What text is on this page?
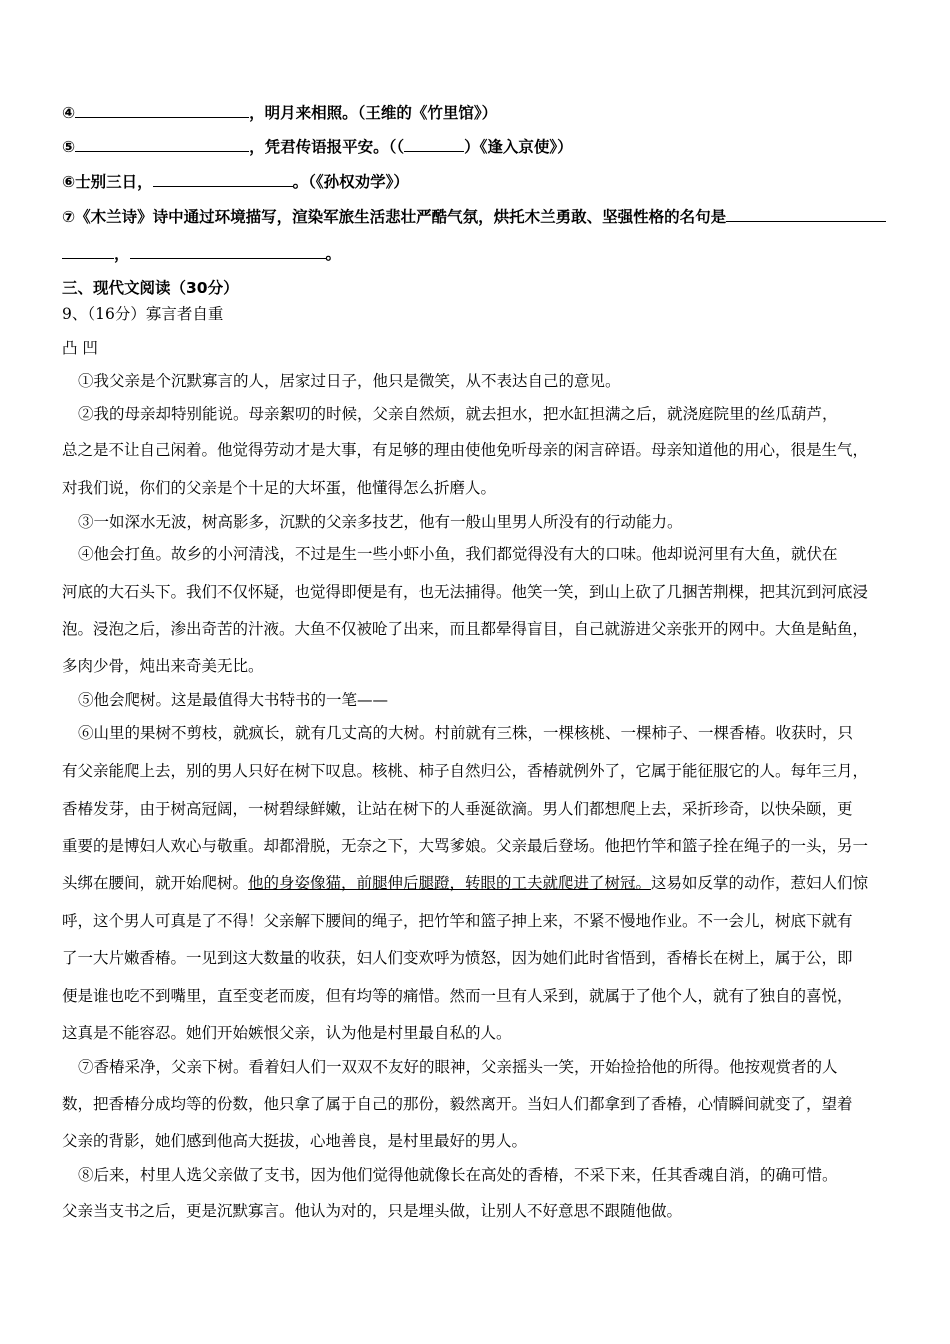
④	，明月来相照。（王维的《竹里馆》）
⑤	，凭君传语报平安。（（	）《逢入京使》）
⑥士别三日，	。（《孙权劝学》）
⑦《木兰诗》诗中通过环境描写，渲染军旅生活悲壮严酷气氛，烘托木兰勇敢、坚强性格的名句是
，	。
三、现代文阅读（30分）
9、（16分）寡言者自重
凸 凹
①我父亲是个沉默寡言的人，居家过日子，他只是微笑，从不表达自己的意见。
②我的母亲却特别能说。母亲絮叨的时候，父亲自然烦，就去担水，把水缸担满之后，就浇庭院里的丝瓜葫芦，
总之是不让自己闲着。他觉得劳动才是大事，有足够的理由使他免听母亲的闲言碎语。母亲知道他的用心，很是生气，
对我们说，你们的父亲是个十足的大坏蛋，他懂得怎么折磨人。
③一如深水无波，树高影多，沉默的父亲多技艺，他有一般山里男人所没有的行动能力。
④他会打鱼。故乡的小河清浅，不过是生一些小虾小鱼，我们都觉得没有大的口味。他却说河里有大鱼，就伏在
河底的大石头下。我们不仅怀疑，也觉得即便是有，也无法捕得。他笑一笑，到山上砍了几捆苦荆棵，把其沉到河底浸
泡。浸泡之后，渗出奇苦的汁液。大鱼不仅被呛了出来，而且都晕得盲目，自己就游进父亲张开的网中。大鱼是鲇鱼，
多肉少骨，炖出来奇美无比。
⑤他会爬树。这是最值得大书特书的一笔——
⑥山里的果树不剪枝，就疯长，就有几丈高的大树。村前就有三株，一棵核桃、一棵柿子、一棵香椿。收获时，只
有父亲能爬上去，别的男人只好在树下叹息。核桃、柿子自然归公，香椿就例外了，它属于能征服它的人。每年三月，
香椿发芽，由于树高冠阔，一树碧绿鲜嫩，让站在树下的人垂涎欲滴。男人们都想爬上去，采折珍奇，以快朵颐，更
重要的是博妇人欢心与敬重。却都滑脱，无奈之下，大骂爹娘。父亲最后登场。他把竹竿和篮子拴在绳子的一头，另一
头绑在腰间，就开始爬树。他的身姿像猫，前腿伸后腿蹬，转眼的工夫就爬进了树冠。这易如反掌的动作，惹妇人们惊
呼，这个男人可真是了不得！父亲解下腰间的绳子，把竹竿和篮子抻上来，不紧不慢地作业。不一会儿，树底下就有
了一大片嫩香椿。一见到这大数量的收获，妇人们变欢呼为愤怒，因为她们此时省悟到，香椿长在树上，属于公，即
便是谁也吃不到嘴里，直至变老而废，但有均等的痛惜。然而一旦有人采到，就属于了他个人，就有了独自的喜悦，
这真是不能容忍。她们开始嫉恨父亲，认为他是村里最自私的人。
⑦香椿采净，父亲下树。看着妇人们一双双不友好的眼神，父亲摇头一笑，开始捡拾他的所得。他按观赏者的人
数，把香椿分成均等的份数，他只拿了属于自己的那份，毅然离开。当妇人们都拿到了香椿，心情瞬间就变了，望着
父亲的背影，她们感到他高大挺拔，心地善良，是村里最好的男人。
⑧后来，村里人选父亲做了支书，因为他们觉得他就像长在高处的香椿，不采下来，任其香魂自消，的确可惜。
父亲当支书之后，更是沉默寡言。他认为对的，只是埋头做，让别人不好意思不跟随他做。
